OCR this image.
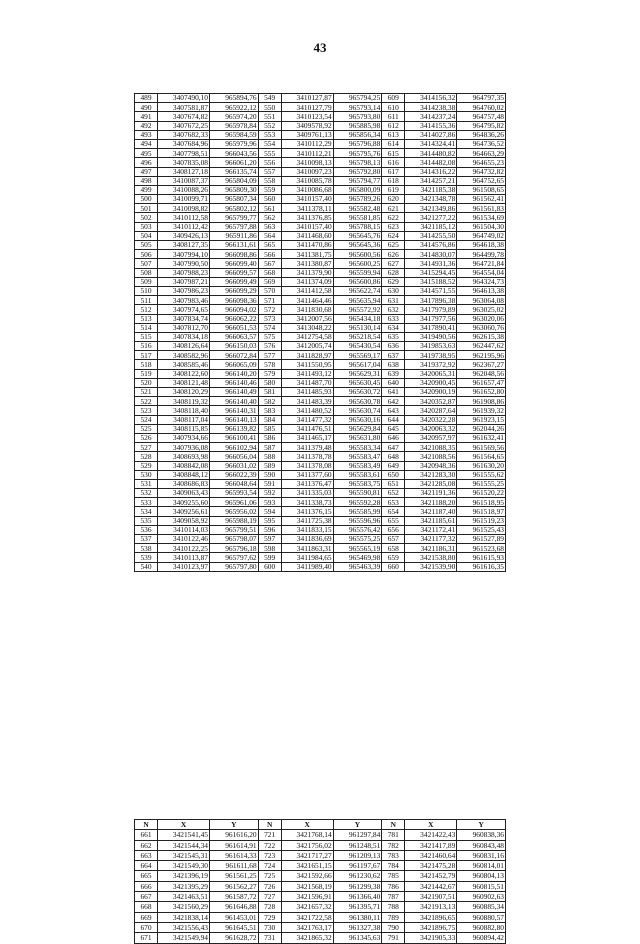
43
489	3407490,10	965894,76	549	3410127,87	965794,25	609	3414156,32	964797,35
490	3407581,87	965922,12	550	3410127,79	965793,14	610	3414238,38	964760,02
491	3407674,82	965974,20	551	3410123,54	965793,80	611	3414237,24	964757,48
492	3407672,25	965978,84	552	3409578,92	965885,98	612	3414155,36	964795,82
493	3407682,33	965984,59	553	3409761,13	965856,34	613	3414027,86	964836,26
494	3407684,96	965979,96	554	3410112,29	965796,88	614	3414324,41	964736,52
495	3407798,51	966043,56	555	3410112,21	965795,76	615	3414480,82	964663,29
496	3407835,08	966061,20	556	3410098,13	965798,13	616	3414482,08	964655,23
497	3408127,18	966135,74	557	3410097,23	965792,80	617	3414316,22	964732,82
498	3410087,37	965804,09	558	3410085,78	965794,77	618	3414257,21	964752,65
499	3410088,26	965809,30	559	3410086,68	965800,09	619	3421185,38	961508,65
500	3410099,71	965807,34	560	3410157,40	965789,26	620	3421348,78	961562,41
501	3410098,82	965802,12	561	3411378,11	965582,48	621	3421349,86	961561,83
502	3410112,58	965799,77	562	3411376,85	965581,85	622	3421277,22	961534,69
503	3410112,42	965797,88	563	3410157,40	965788,15	623	3421185,12	961504,30
504	3409426,13	965911,86	564	3411468,60	965645,76	624	3414255,50	964749,02
505	3408127,35	966131,61	565	3411470,86	965645,36	625	3414576,86	964618,38
506	3407994,10	966098,86	566	3411381,75	965600,56	626	3414830,07	964499,78
507	3407990,50	966099,40	567	3411380,87	965600,25	627	3414931,36	964721,84
508	3407988,23	966099,57	568	3411379,90	965599,94	628	3415294,45	964554,04
509	3407987,21	966099,49	569	3411374,09	965600,86	629	3415188,52	964324,73
510	3407986,23	966099,29	570	3411412,58	965622,74	630	3414571,55	964613,38
511	3407983,46	966098,36	571	3411464,46	965635,94	631	3417896,38	963064,08
512	3407974,65	966094,02	572	3411830,68	965572,92	632	3417979,89	963025,02
513	3407834,74	966062,22	573	3412007,56	965434,18	633	3417977,56	963020,06
514	3407812,70	966051,53	574	3413048,22	965130,14	634	3417890,41	963060,76
515	3407834,18	966063,57	575	3412754,58	965218,54	635	3419490,56	962615,38
516	3408126,64	966150,03	576	3412005,74	965430,54	636	3419853,63	962447,62
517	3408582,96	966072,84	577	3411828,97	965569,17	637	3419738,95	962195,96
518	3408585,46	966065,09	578	3411550,95	965617,04	638	3419372,92	962367,27
519	3408122,60	966140,20	579	3411493,12	965629,31	639	3420065,31	962048,56
520	3408121,48	966140,46	580	3411487,70	965630,45	640	3420900,45	961657,47
521	3408120,29	966140,49	581	3411485,93	965630,72	641	3420900,19	961652,80
522	3408119,32	966140,40	582	3411483,39	965630,78	642	3420352,87	961908,86
523	3408118,40	966140,31	583	3411480,52	965630,74	643	3420287,64	961939,32
524	3408117,04	966140,13	584	3411477,32	965630,16	644	3420322,28	961923,15
525	3408115,85	966139,82	585	3411476,51	965629,84	645	3420063,32	962044,26
526	3407934,66	966100,41	586	3411465,17	965631,80	646	3420957,97	961632,41
527	3407936,08	966102,94	587	3411379,48	965583,34	647	3421088,35	961569,56
528	3408693,98	966056,04	588	3411378,78	965583,47	648	3421088,56	961564,65
529	3408842,08	966031,02	589	3411378,08	965583,49	649	3420948,36	961630,20
530	3408848,12	966022,39	590	3411377,60	965583,61	650	3421283,30	961555,62
531	3408686,83	966048,64	591	3411376,47	965583,75	651	3421285,08	961555,25
532	3409063,43	965993,54	592	3411335,03	965590,81	652	3421191,36	961520,22
533	3409255,60	965961,06	593	3411338,73	965592,28	653	3421188,20	961518,95
534	3409256,61	965956,02	594	3411376,15	965585,99	654	3421187,40	961518,97
535	3409058,92	965988,19	595	3411725,38	965596,96	655	3421185,61	961519,23
536	3410114,03	965799,51	596	3411833,15	965576,42	656	3421172,41	961525,43
537	3410122,46	965798,07	597	3411836,69	965575,25	657	3421177,32	961527,89
538	3410122,25	965796,18	598	3411863,31	965565,19	658	3421186,31	961523,68
539	3410113,87	965797,62	599	3411984,65	965469,98	659	3421538,80	961615,93
540	3410123,97	965797,80	600	3411989,40	965463,39	660	3421539,90	961616,35
N	X	Y	N	X	Y	N	X	Y
661	3421541,45	961616,20	721	3421768,14	961297,84	781	3421422,43	960838,36
662	3421544,34	961614,91	722	3421756,02	961248,51	782	3421417,89	960843,48
663	3421545,31	961614,33	723	3421717,27	961209,13	783	3421460,64	960831,16
664	3421549,30	961611,68	724	3421651,15	961197,67	784	3421475,28	960814,01
665	3421396,19	961561,25	725	3421592,66	961230,62	785	3421452,79	960804,13
666	3421395,29	961562,27	726	3421568,19	961299,38	786	3421442,67	960815,51
667	3421463,51	961587,72	727	3421596,91	961366,40	787	3421907,51	960902,63
668	3421560,29	961646,88	728	3421657,32	961395,71	788	3421913,13	960885,34
669	3421838,14	961453,01	729	3421722,58	961380,11	789	3421896,65	960880,57
670	3421556,43	961645,51	730	3421763,17	961327,38	790	3421896,75	960882,80
671	3421549,94	961628,72	731	3421865,32	961345,63	791	3421905,33	960894,42
